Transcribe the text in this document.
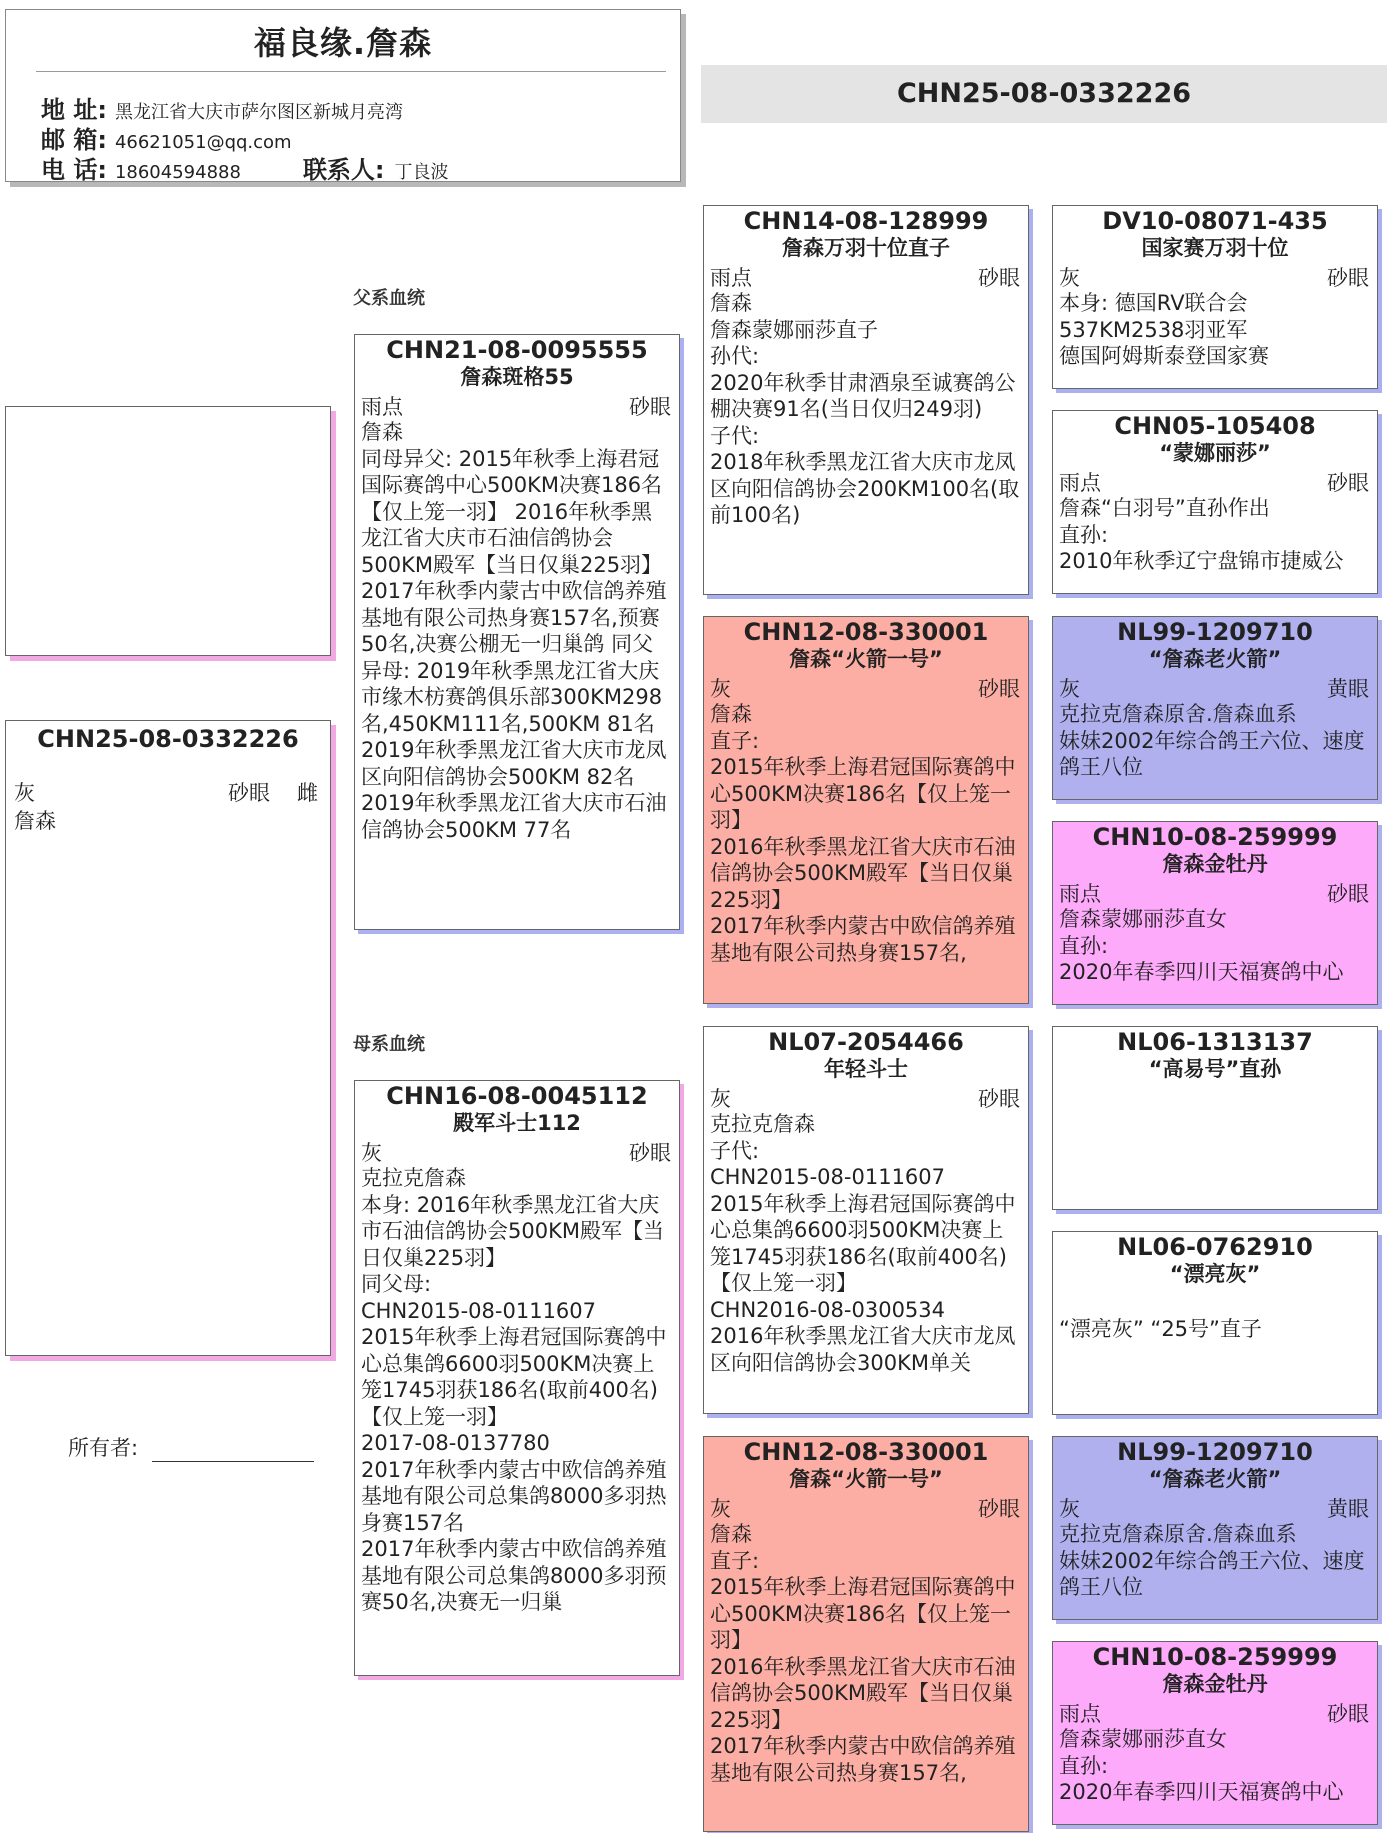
福良缘.詹森
地 址: 黑龙江省大庆市萨尔图区新城月亮湾
邮 箱: 46621051@qq.com
电 话: 18604594888	联系人: 丁良波
CHN25-08-0332226
父系血统
母系血统
CHN25-08-0332226
灰	砂眼 雌
詹森
所有者:
CHN21-08-0095555
詹森斑格55
雨点	砂眼
詹森
同母异父: 2015年秋季上海君冠国际赛鸽中心500KM决赛186名【仅上笼一羽】 2016年秋季黑龙江省大庆市石油信鸽协会500KM殿军【当日仅巢225羽】 2017年秋季内蒙古中欧信鸽养殖基地有限公司热身赛157名,预赛50名,决赛公棚无一归巢鸽 同父异母: 2019年秋季黑龙江省大庆市缘木枋赛鸽俱乐部300KM298名,450KM111名,500KM 81名
2019年秋季黑龙江省大庆市龙凤区向阳信鸽协会500KM 82名
2019年秋季黑龙江省大庆市石油信鸽协会500KM 77名
CHN16-08-0045112
殿军斗士112
灰	砂眼
克拉克詹森
本身: 2016年秋季黑龙江省大庆市石油信鸽协会500KM殿军【当日仅巢225羽】
同父母:
CHN2015-08-0111607
2015年秋季上海君冠国际赛鸽中心总集鸽6600羽500KM决赛上笼1745羽获186名(取前400名)【仅上笼一羽】
2017-08-0137780
2017年秋季内蒙古中欧信鸽养殖基地有限公司总集鸽8000多羽热身赛157名
2017年秋季内蒙古中欧信鸽养殖基地有限公司总集鸽8000多羽预赛50名,决赛无一归巢
CHN14-08-128999
詹森万羽十位直子
雨点	砂眼
詹森
詹森蒙娜丽莎直子
孙代:
2020年秋季甘肃酒泉至诚赛鸽公棚决赛91名(当日仅归249羽)
子代:
2018年秋季黑龙江省大庆市龙凤区向阳信鸽协会200KM100名(取前100名)
CHN12-08-330001
詹森“火箭一号”
灰	砂眼
詹森
直子:
2015年秋季上海君冠国际赛鸽中心500KM决赛186名【仅上笼一羽】
2016年秋季黑龙江省大庆市石油信鸽协会500KM殿军【当日仅巢225羽】
2017年秋季内蒙古中欧信鸽养殖基地有限公司热身赛157名,
NL07-2054466
年轻斗士
灰	砂眼
克拉克詹森
子代:
CHN2015-08-0111607
2015年秋季上海君冠国际赛鸽中心总集鸽6600羽500KM决赛上笼1745羽获186名(取前400名)【仅上笼一羽】
CHN2016-08-0300534
2016年秋季黑龙江省大庆市龙凤区向阳信鸽协会300KM单关
CHN12-08-330001
詹森“火箭一号”
灰	砂眼
詹森
直子:
2015年秋季上海君冠国际赛鸽中心500KM决赛186名【仅上笼一羽】
2016年秋季黑龙江省大庆市石油信鸽协会500KM殿军【当日仅巢225羽】
2017年秋季内蒙古中欧信鸽养殖基地有限公司热身赛157名,
DV10-08071-435
国家赛万羽十位
灰	砂眼
本身: 德国RV联合会537KM2538羽亚军
德国阿姆斯泰登国家赛
CHN05-105408
“蒙娜丽莎”
雨点	砂眼
詹森“白羽号”直孙作出
直孙:
2010年秋季辽宁盘锦市捷威公
NL99-1209710
“詹森老火箭”
灰	黄眼
克拉克詹森原舍.詹森血系
妹妹2002年综合鸽王六位、速度鸽王八位
CHN10-08-259999
詹森金牡丹
雨点	砂眼
詹森蒙娜丽莎直女
直孙:
2020年春季四川天福赛鸽中心
NL06-1313137
“高易号”直孙
NL06-0762910
“漂亮灰”
“漂亮灰” “25号”直子
NL99-1209710
“詹森老火箭”
灰	黄眼
克拉克詹森原舍.詹森血系
妹妹2002年综合鸽王六位、速度鸽王八位
CHN10-08-259999
詹森金牡丹
雨点	砂眼
詹森蒙娜丽莎直女
直孙:
2020年春季四川天福赛鸽中心
